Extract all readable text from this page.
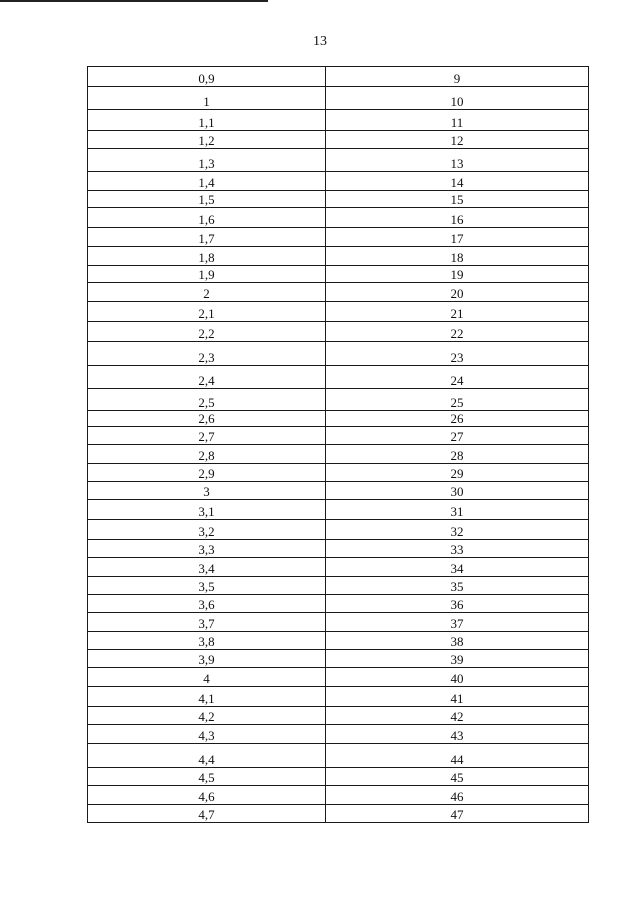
13
0,9	9
1	10
1,1	11
1,2	12
1,3	13
1,4	14
1,5	15
1,6	16
1,7	17
1,8	18
1,9	19
2	20
2,1	21
2,2	22
2,3	23
2,4	24
2,5	25
2,6	26
2,7	27
2,8	28
2,9	29
3	30
3,1	31
3,2	32
3,3	33
3,4	34
3,5	35
3,6	36
3,7	37
3,8	38
3,9	39
4	40
4,1	41
4,2	42
4,3	43
4,4	44
4,5	45
4,6	46
4,7	47
